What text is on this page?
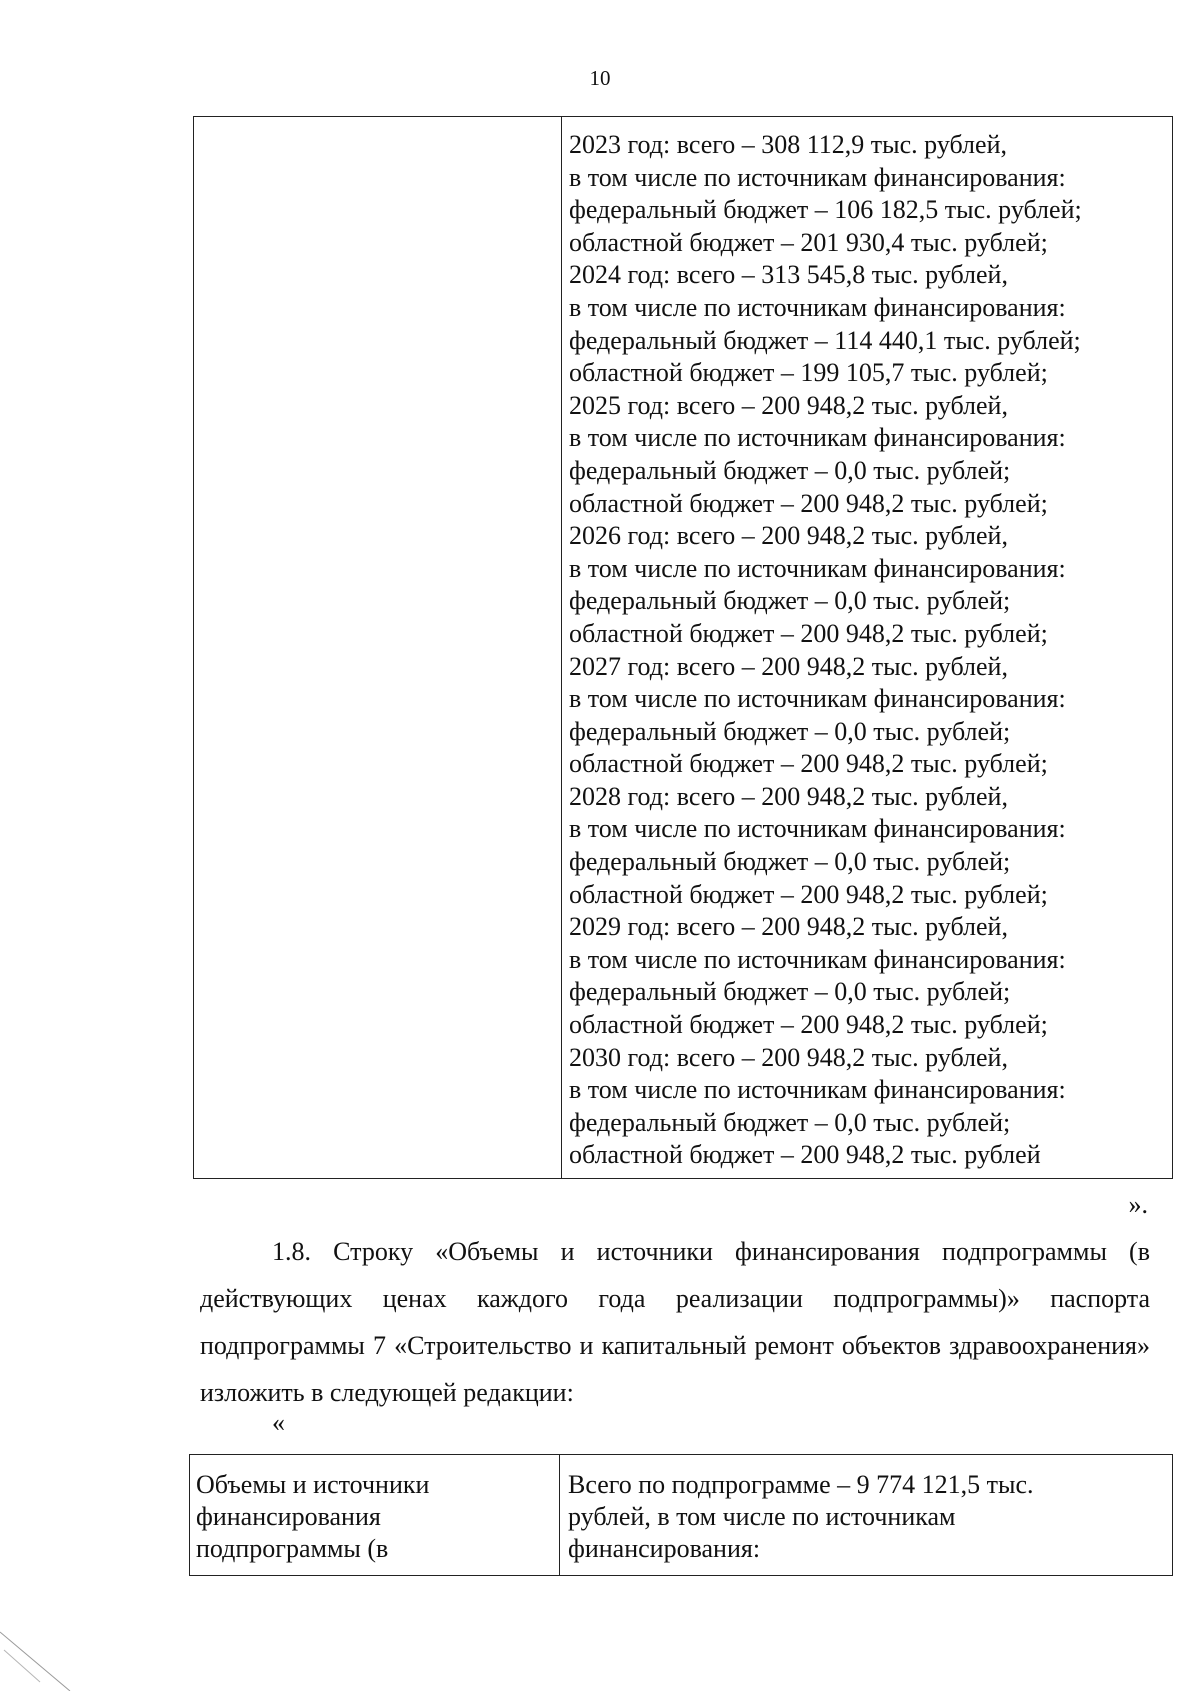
10
2023 год: всего – 308 112,9 тыс. рублей,
в том числе по источникам финансирования:
федеральный бюджет – 106 182,5 тыс. рублей;
областной бюджет – 201 930,4 тыс. рублей;
2024 год: всего – 313 545,8 тыс. рублей,
в том числе по источникам финансирования:
федеральный бюджет – 114 440,1 тыс. рублей;
областной бюджет – 199 105,7 тыс. рублей;
2025 год: всего – 200 948,2 тыс. рублей,
в том числе по источникам финансирования:
федеральный бюджет – 0,0 тыс. рублей;
областной бюджет – 200 948,2 тыс. рублей;
2026 год: всего – 200 948,2 тыс. рублей,
в том числе по источникам финансирования:
федеральный бюджет – 0,0 тыс. рублей;
областной бюджет – 200 948,2 тыс. рублей;
2027 год: всего – 200 948,2 тыс. рублей,
в том числе по источникам финансирования:
федеральный бюджет – 0,0 тыс. рублей;
областной бюджет – 200 948,2 тыс. рублей;
2028 год: всего – 200 948,2 тыс. рублей,
в том числе по источникам финансирования:
федеральный бюджет – 0,0 тыс. рублей;
областной бюджет – 200 948,2 тыс. рублей;
2029 год: всего – 200 948,2 тыс. рублей,
в том числе по источникам финансирования:
федеральный бюджет – 0,0 тыс. рублей;
областной бюджет – 200 948,2 тыс. рублей;
2030 год: всего – 200 948,2 тыс. рублей,
в том числе по источникам финансирования:
федеральный бюджет – 0,0 тыс. рублей;
областной бюджет – 200 948,2 тыс. рублей
».
1.8. Строку «Объемы и источники финансирования подпрограммы (в действующих ценах каждого года реализации подпрограммы)» паспорта подпрограммы 7 «Строительство и капитальный ремонт объектов здравоохранения» изложить в следующей редакции:
«
Объемы и источники
финансирования
подпрограммы (в
Всего по подпрограмме – 9 774 121,5 тыс.
рублей, в том числе по источникам
финансирования:
